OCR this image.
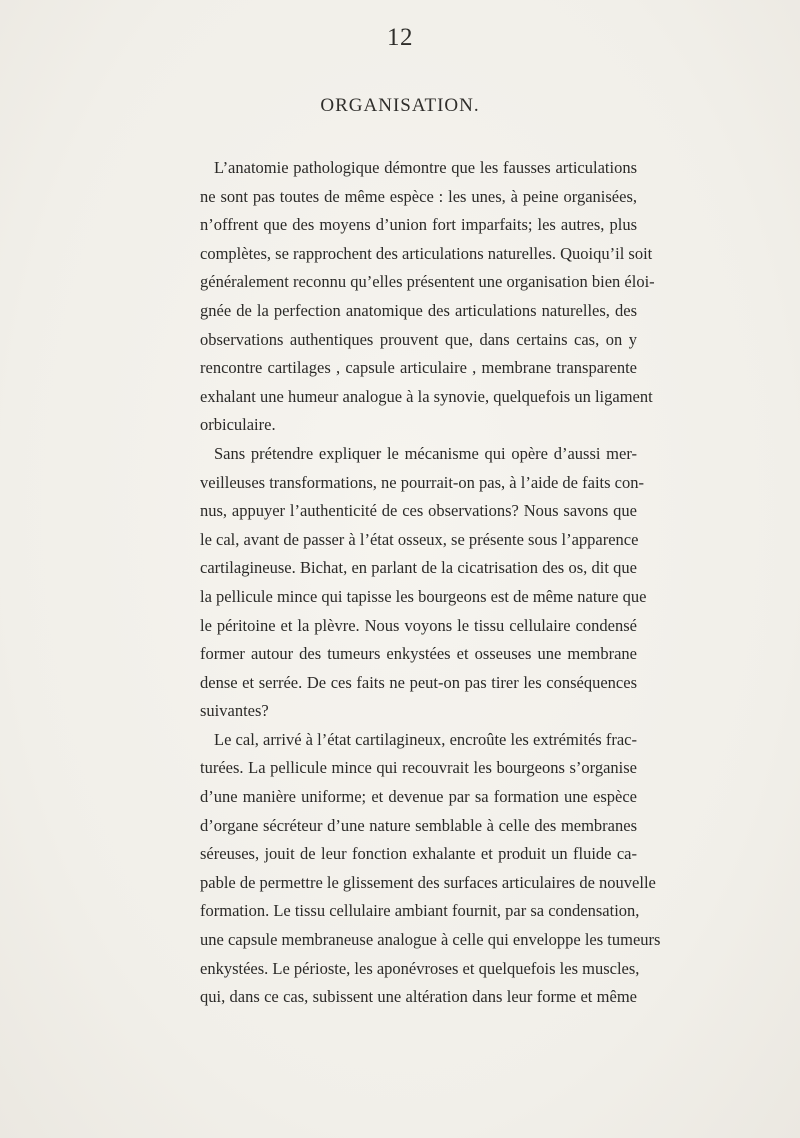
12
ORGANISATION.
L’anatomie pathologique démontre que les fausses articulations
ne sont pas toutes de même espèce : les unes, à peine organisées,
n’offrent que des moyens d’union fort imparfaits; les autres, plus
complètes, se rapprochent des articulations naturelles. Quoiqu’il soit
généralement reconnu qu’elles présentent une organisation bien éloi-
gnée de la perfection anatomique des articulations naturelles, des
observations authentiques prouvent que, dans certains cas, on y
rencontre cartilages , capsule articulaire , membrane transparente
exhalant une humeur analogue à la synovie, quelquefois un ligament
orbiculaire.
Sans prétendre expliquer le mécanisme qui opère d’aussi mer-
veilleuses transformations, ne pourrait-on pas, à l’aide de faits con-
nus, appuyer l’authenticité de ces observations? Nous savons que
le cal, avant de passer à l’état osseux, se présente sous l’apparence
cartilagineuse. Bichat, en parlant de la cicatrisation des os, dit que
la pellicule mince qui tapisse les bourgeons est de même nature que
le péritoine et la plèvre. Nous voyons le tissu cellulaire condensé
former autour des tumeurs enkystées et osseuses une membrane
dense et serrée. De ces faits ne peut-on pas tirer les conséquences
suivantes?
Le cal, arrivé à l’état cartilagineux, encroûte les extrémités frac-
turées. La pellicule mince qui recouvrait les bourgeons s’organise
d’une manière uniforme; et devenue par sa formation une espèce
d’organe sécréteur d’une nature semblable à celle des membranes
séreuses, jouit de leur fonction exhalante et produit un fluide ca-
pable de permettre le glissement des surfaces articulaires de nouvelle
formation. Le tissu cellulaire ambiant fournit, par sa condensation,
une capsule membraneuse analogue à celle qui enveloppe les tumeurs
enkystées. Le périoste, les aponévroses et quelquefois les muscles,
qui, dans ce cas, subissent une altération dans leur forme et même
